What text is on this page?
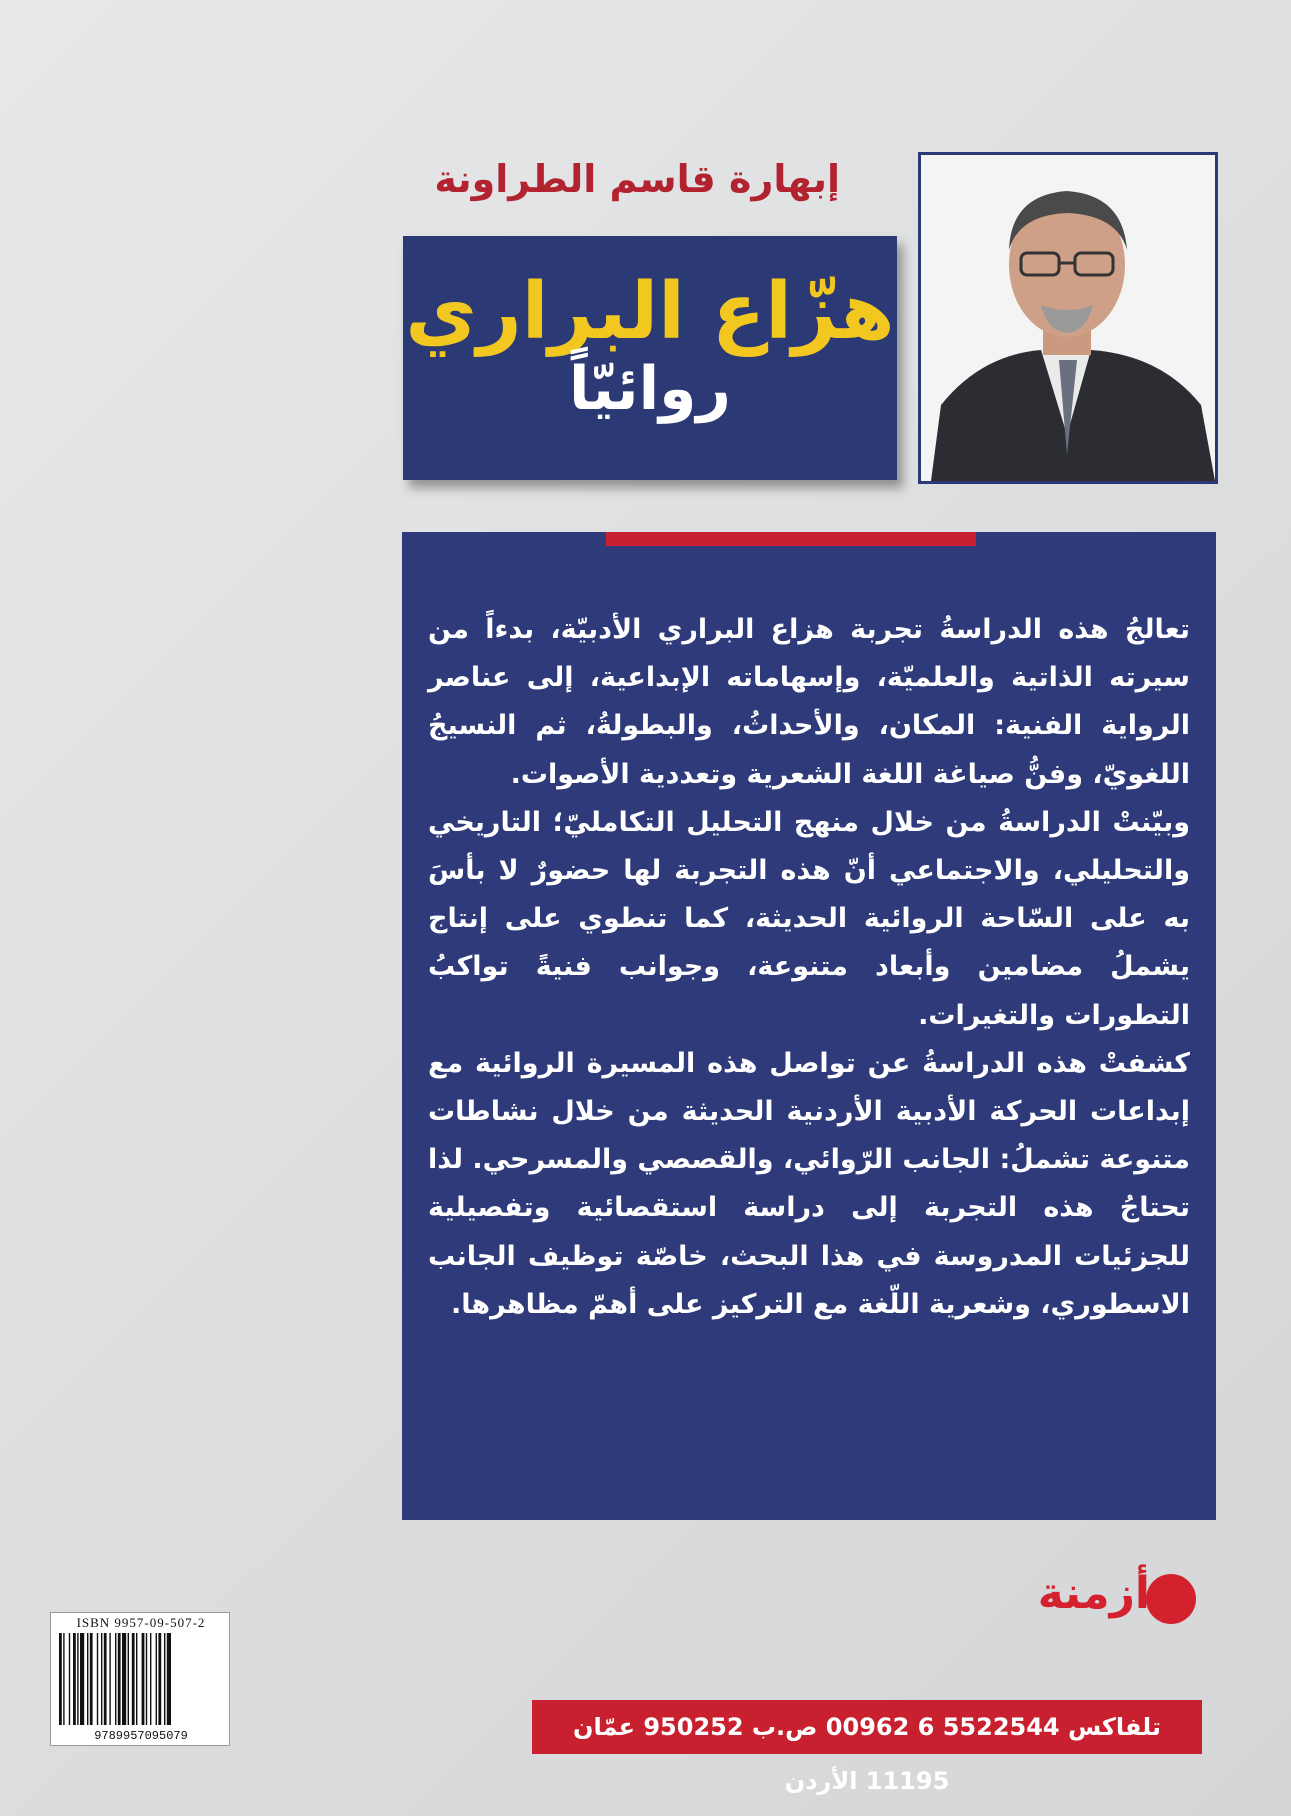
إبهارة قاسم الطراونة
هزّاع البراري
روائيّاً

تعالجُ هذه الدراسةُ تجربة هزاع البراري الأدبيّة، بدءاً من سيرته الذاتية والعلميّة، وإسهاماته الإبداعية، إلى عناصر الرواية الفنية: المكان، والأحداثُ، والبطولةُ، ثم النسيجُ اللغويّ، وفنُّ صياغة اللغة الشعرية وتعددية الأصوات.

وبيّنتْ الدراسةُ من خلال منهج التحليل التكامليّ؛ التاريخي والتحليلي، والاجتماعي أنّ هذه التجربة لها حضورٌ لا بأسَ به على السّاحة الروائية الحديثة، كما تنطوي على إنتاج يشملُ مضامين وأبعاد متنوعة، وجوانب فنيةً تواكبُ التطورات والتغيرات.

كشفتْ هذه الدراسةُ عن تواصل هذه المسيرة الروائية مع إبداعات الحركة الأدبية الأردنية الحديثة من خلال نشاطات متنوعة تشملُ: الجانب الرّوائي، والقصصي والمسرحي. لذا تحتاجُ هذه التجربة إلى دراسة استقصائية وتفصيلية للجزئيات المدروسة في هذا البحث، خاصّة توظيف الجانب الاسطوري، وشعرية اللّغة مع التركيز على أهمّ مظاهرها.

أزمنة
تلفاكس 5522544 6 00962 ص.ب 950252 عمّان 11195 الأردن
ISBN 9957-09-507-2
9789957095079
